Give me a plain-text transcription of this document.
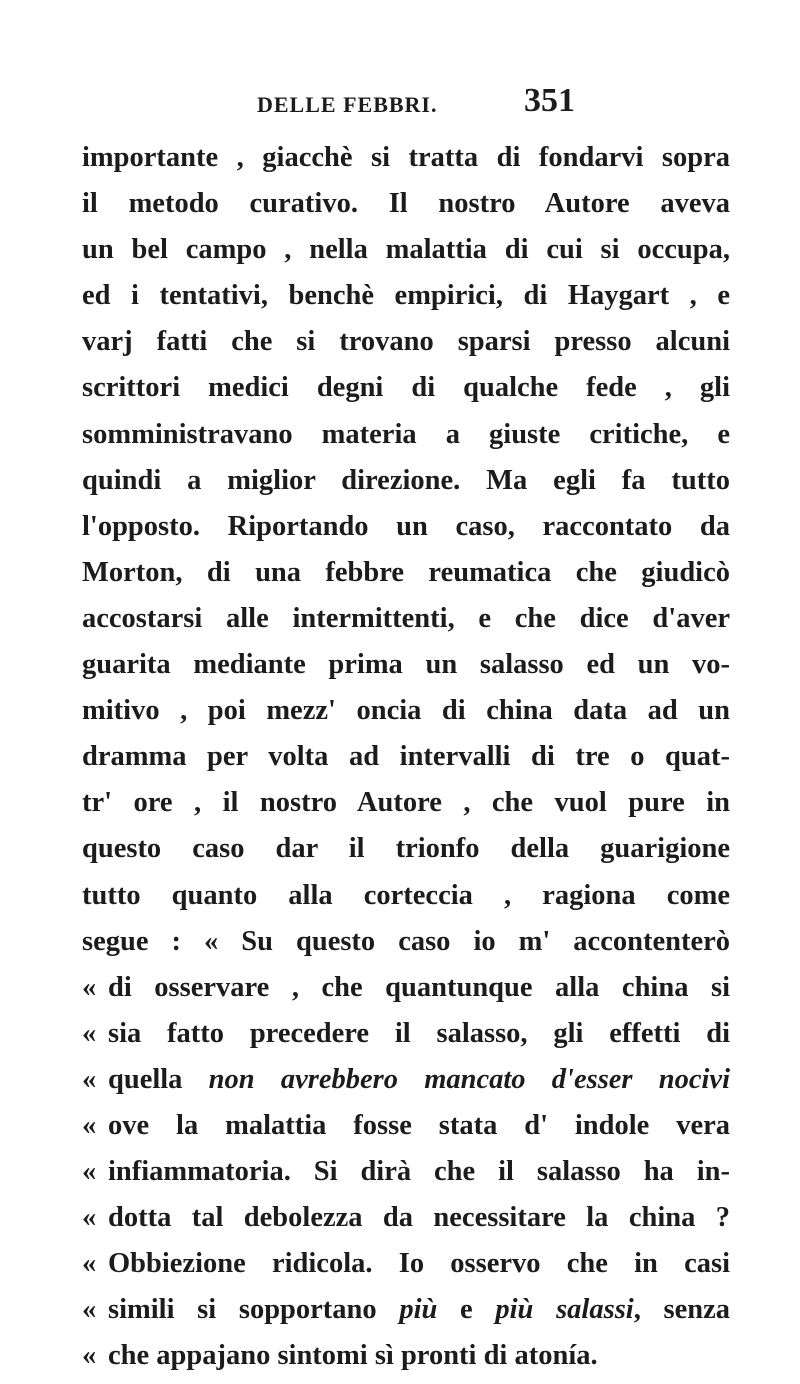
DELLE FEBBRI.	351
importante , giacchè si tratta di fondarvi sopra
il metodo curativo. Il nostro Autore aveva
un bel campo , nella malattia di cui si occupa,
ed i tentativi, benchè empirici, di Haygart , e
varj fatti che si trovano sparsi presso alcuni
scrittori medici degni di qualche fede , gli
somministravano materia a giuste critiche, e
quindi a miglior direzione. Ma egli fa tutto
l'opposto. Riportando un caso, raccontato da
Morton, di una febbre reumatica che giudicò
accostarsi alle intermittenti, e che dice d'aver
guarita mediante prima un salasso ed un vo-
mitivo , poi mezz' oncia di china data ad un
dramma per volta ad intervalli di tre o quat-
tr' ore , il nostro Autore , che vuol pure in
questo caso dar il trionfo della guarigione
tutto quanto alla corteccia , ragiona come
segue : « Su questo caso io m' accontenterò
« di osservare , che quantunque alla china si
« sia fatto precedere il salasso, gli effetti di
« quella non avrebbero mancato d'esser nocivi
« ove la malattia fosse stata d' indole vera
« infiammatoria. Si dirà che il salasso ha in-
« dotta tal debolezza da necessitare la china ?
« Obbiezione ridicola. Io osservo che in casi
« simili si sopportano più e più salassi, senza
« che appajano sintomi sì pronti di atonía.
